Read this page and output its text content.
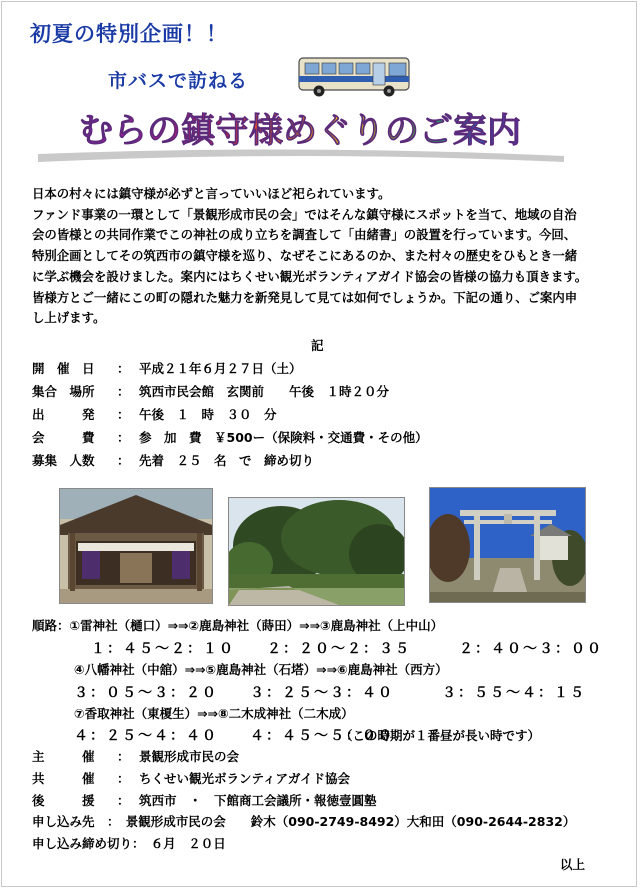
初夏の特別企画！！
市バスで訪ねる
むらの鎮守様めぐりのご案内

日本の村々には鎮守様が必ずと言っていいほど祀られています。

ファンド事業の一環として「景観形成市民の会」ではそんな鎮守様にスポットを当て、地域の自治

会の皆様との共同作業でこの神社の成り立ちを調査して「由緒書」の設置を行っています。今回、

特別企画としてその筑西市の鎮守様を巡り、なぜそこにあるのか、また村々の歴史をひもとき一緒

に学ぶ機会を設けました。案内にはちくせい観光ボランティアガイド協会の皆様の協力も頂きます。

皆様方とご一緒にこの町の隠れた魅力を新発見して見ては如何でしょうか。下記の通り、ご案内申

し上げます。

記
開　催　日	： 平成２１年６月２７日（土）
集合　場所	： 筑西市民会館　玄関前　　午後　１時２０分
出　　　発	： 午後　１　時　３０　分
会　　　費	： 参　加　費　￥500ー（保険料・交通費・その他）
募集　人数	： 先着　２５　名　で　締め切り
順路：①雷神社（樋口）⇒⇒②鹿島神社（蒔田）⇒⇒③鹿島神社（上中山）
１：４５～２：１０　　２：２０～２：３５　　　２：４０～３：００
④八幡神社（中舘）⇒⇒⑤鹿島神社（石塔）⇒⇒⑥鹿島神社（西方）
３：０５～３：２０　　３：２５～３：４０　　　３：５５～４：１５
⑦香取神社（東榎生）⇒⇒⑧二木成神社（二木成）
４：２５～４：４０　　４：４５～５：００
（この時期が１番昼が長い時です）
主　　　催	： 景観形成市民の会
共　　　催	： ちくせい観光ボランティアガイド協会
後　　　援	： 筑西市　・　下館商工会議所・報徳壹圓塾
申し込み先　：　景観形成市民の会　　鈴木（090-2749-8492）大和田（090-2644-2832）
申し込み締め切り：　６月　２０日
以上
